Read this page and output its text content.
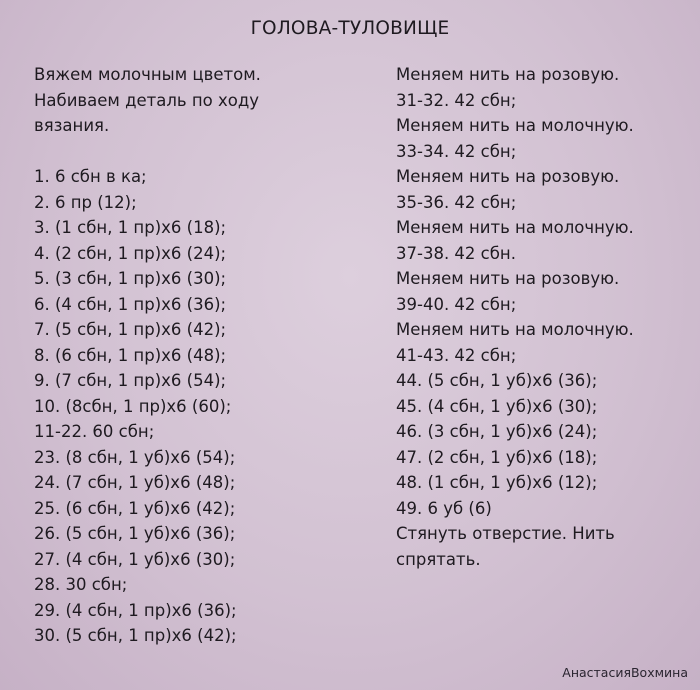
ГОЛОВА-ТУЛОВИЩЕ
Вяжем молочным цветом.
Набиваем деталь по ходу
вязания.
1. 6 сбн в ка;
2. 6 пр (12);
3. (1 сбн, 1 пр)х6 (18);
4. (2 сбн, 1 пр)х6 (24);
5. (3 сбн, 1 пр)х6 (30);
6. (4 сбн, 1 пр)х6 (36);
7. (5 сбн, 1 пр)х6 (42);
8. (6 сбн, 1 пр)х6 (48);
9. (7 сбн, 1 пр)х6 (54);
10. (8сбн, 1 пр)х6 (60);
11-22. 60 сбн;
23. (8 сбн, 1 уб)х6 (54);
24. (7 сбн, 1 уб)х6 (48);
25. (6 сбн, 1 уб)х6 (42);
26. (5 сбн, 1 уб)х6 (36);
27. (4 сбн, 1 уб)х6 (30);
28. 30 сбн;
29. (4 сбн, 1 пр)х6 (36);
30. (5 сбн, 1 пр)х6 (42);
Меняем нить на розовую.
31-32. 42 сбн;
Меняем нить на молочную.
33-34. 42 сбн;
Меняем нить на розовую.
35-36. 42 сбн;
Меняем нить на молочную.
37-38. 42 сбн.
Меняем нить на розовую.
39-40. 42 сбн;
Меняем нить на молочную.
41-43. 42 сбн;
44. (5 сбн, 1 уб)х6 (36);
45. (4 сбн, 1 уб)х6 (30);
46. (3 сбн, 1 уб)х6 (24);
47. (2 сбн, 1 уб)х6 (18);
48. (1 сбн, 1 уб)х6 (12);
49. 6 уб (6)
Стянуть отверстие. Нить
спрятать.
АнастасияВохмина
